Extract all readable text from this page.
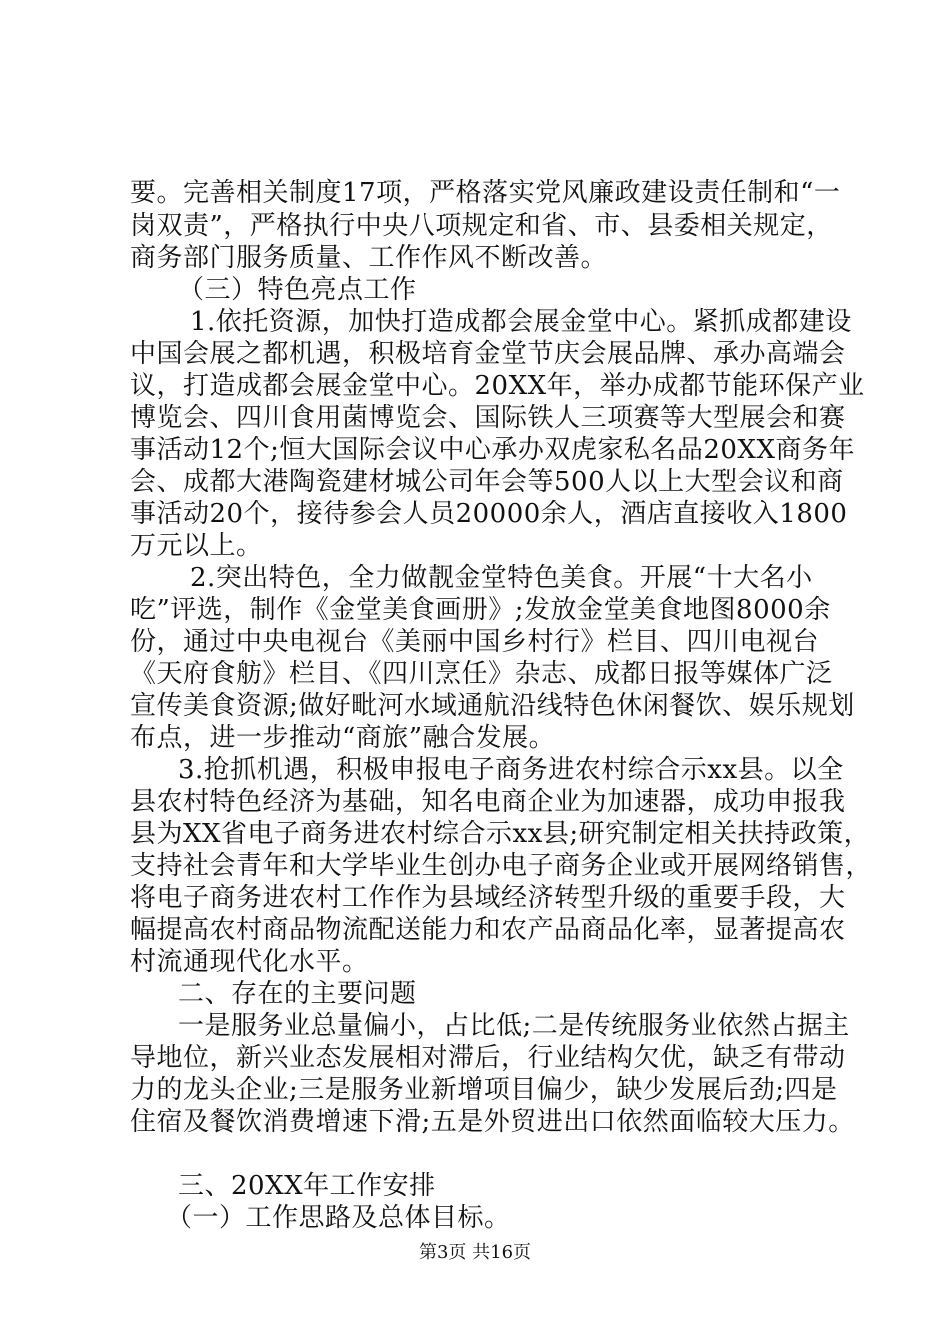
要。完善相关制度17项，严格落实党风廉政建设责任制和“一
岗双责”，严格执行中央八项规定和省、市、县委相关规定，
商务部门服务质量、工作作风不断改善。
（三）特色亮点工作
1.依托资源，加快打造成都会展金堂中心。紧抓成都建设
中国会展之都机遇，积极培育金堂节庆会展品牌、承办高端会
议，打造成都会展金堂中心。20XX年，举办成都节能环保产业
博览会、四川食用菌博览会、国际铁人三项赛等大型展会和赛
事活动12个;恒大国际会议中心承办双虎家私名品20XX商务年
会、成都大港陶瓷建材城公司年会等500人以上大型会议和商
事活动20个，接待参会人员20000余人，酒店直接收入1800
万元以上。
2.突出特色，全力做靓金堂特色美食。开展“十大名小
吃”评选，制作《金堂美食画册》;发放金堂美食地图8000余
份，通过中央电视台《美丽中国乡村行》栏目、四川电视台
《天府食舫》栏目、《四川烹任》杂志、成都日报等媒体广泛
宣传美食资源;做好毗河水域通航沿线特色休闲餐饮、娱乐规划
布点，进一步推动“商旅”融合发展。
3.抢抓机遇，积极申报电子商务进农村综合示xx县。以全
县农村特色经济为基础，知名电商企业为加速器，成功申报我
县为XX省电子商务进农村综合示xx县;研究制定相关扶持政策，
支持社会青年和大学毕业生创办电子商务企业或开展网络销售，
将电子商务进农村工作作为县域经济转型升级的重要手段，大
幅提高农村商品物流配送能力和农产品商品化率，显著提高农
村流通现代化水平。
二、存在的主要问题
一是服务业总量偏小，占比低;二是传统服务业依然占据主
导地位，新兴业态发展相对滞后，行业结构欠优，缺乏有带动
力的龙头企业;三是服务业新增项目偏少，缺少发展后劲;四是
住宿及餐饮消费增速下滑;五是外贸进出口依然面临较大压力。
三、20XX年工作安排
（一）工作思路及总体目标。
第3页 共16页
